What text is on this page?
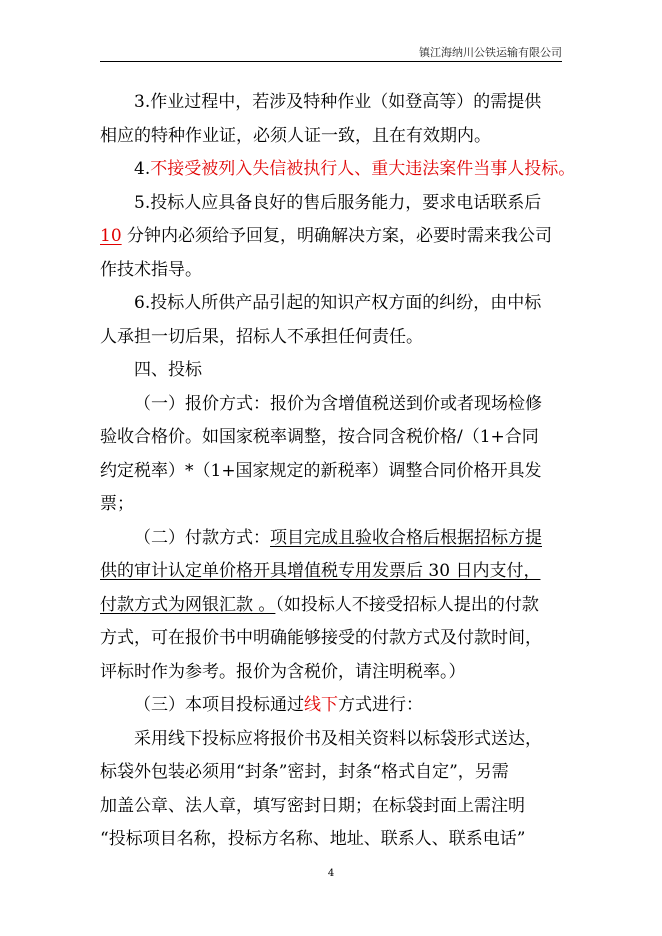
镇江海纳川公铁运输有限公司
3.作业过程中，若涉及特种作业（如登高等）的需提供
相应的特种作业证，必须人证一致，且在有效期内。
4.不接受被列入失信被执行人、重大违法案件当事人投标。
5.投标人应具备良好的售后服务能力，要求电话联系后
10 分钟内必须给予回复，明确解决方案，必要时需来我公司
作技术指导。
6.投标人所供产品引起的知识产权方面的纠纷，由中标
人承担一切后果，招标人不承担任何责任。
四、投标
（一）报价方式：报价为含增值税送到价或者现场检修
验收合格价。如国家税率调整，按合同含税价格/（1+合同
约定税率）*（1+国家规定的新税率）调整合同价格开具发
票；
（二）付款方式：项目完成且验收合格后根据招标方提
供的审计认定单价格开具增值税专用发票后 30 日内支付，
付款方式为网银汇款 。（如投标人不接受招标人提出的付款
方式，可在报价书中明确能够接受的付款方式及付款时间，
评标时作为参考。报价为含税价，请注明税率。）
（三）本项目投标通过线下方式进行：
采用线下投标应将报价书及相关资料以标袋形式送达，
标袋外包装必须用“封条”密封，封条“格式自定”，另需
加盖公章、法人章，填写密封日期；在标袋封面上需注明
“投标项目名称，投标方名称、地址、联系人、联系电话”
4
